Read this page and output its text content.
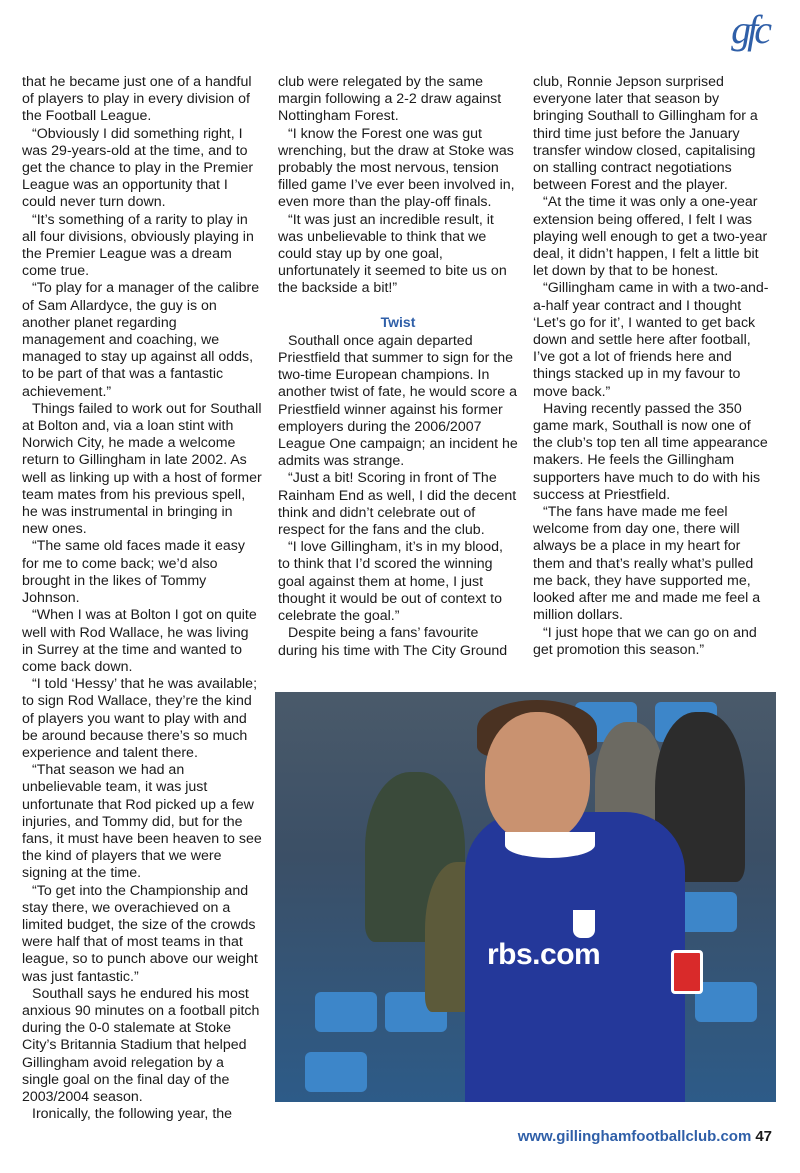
gfc

that he became just one of a handful of players to play in every division of the Football League.

“Obviously I did something right, I was 29-years-old at the time, and to get the chance to play in the Premier League was an opportunity that I could never turn down.

“It’s something of a rarity to play in all four divisions, obviously playing in the Premier League was a dream come true.

“To play for a manager of the calibre of Sam Allardyce, the guy is on another planet regarding management and coaching, we managed to stay up against all odds, to be part of that was a fantastic achievement.”

Things failed to work out for Southall at Bolton and, via a loan stint with Norwich City, he made a welcome return to Gillingham in late 2002. As well as linking up with a host of former team mates from his previous spell, he was instrumental in bringing in new ones.

“The same old faces made it easy for me to come back; we’d also brought in the likes of Tommy Johnson.

“When I was at Bolton I got on quite well with Rod Wallace, he was living in Surrey at the time and wanted to come back down.

“I told ‘Hessy’ that he was available; to sign Rod Wallace, they’re the kind of players you want to play with and be around because there’s so much experience and talent there.

“That season we had an unbelievable team, it was just unfortunate that Rod picked up a few injuries, and Tommy did, but for the fans, it must have been heaven to see the kind of players that we were signing at the time.

“To get into the Championship and stay there, we overachieved on a limited budget, the size of the crowds were half that of most teams in that league, so to punch above our weight was just fantastic.”

Southall says he endured his most anxious 90 minutes on a football pitch during the 0-0 stalemate at Stoke City’s Britannia Stadium that helped Gillingham avoid relegation by a single goal on the final day of the 2003/2004 season.

Ironically, the following year, the

club were relegated by the same margin following a 2-2 draw against Nottingham Forest.

“I know the Forest one was gut wrenching, but the draw at Stoke was probably the most nervous, tension filled game I’ve ever been involved in, even more than the play-off finals.

“It was just an incredible result, it was unbelievable to think that we could stay up by one goal, unfortunately it seemed to bite us on the backside a bit!”

Twist

Southall once again departed Priestfield that summer to sign for the two-time European champions. In another twist of fate, he would score a Priestfield winner against his former employers during the 2006/2007 League One campaign; an incident he admits was strange.

“Just a bit! Scoring in front of The Rainham End as well, I did the decent think and didn’t celebrate out of respect for the fans and the club.

“I love Gillingham, it’s in my blood, to think that I’d scored the winning goal against them at home, I just thought it would be out of context to celebrate the goal.”

Despite being a fans’ favourite during his time with The City Ground

club, Ronnie Jepson surprised everyone later that season by bringing Southall to Gillingham for a third time just before the January transfer window closed, capitalising on stalling contract negotiations between Forest and the player.

“At the time it was only a one-year extension being offered, I felt I was playing well enough to get a two-year deal, it didn’t happen, I felt a little bit let down by that to be honest.

“Gillingham came in with a two-and-a-half year contract and I thought ‘Let’s go for it’, I wanted to get back down and settle here after football, I’ve got a lot of friends here and things stacked up in my favour to move back.”

Having recently passed the 350 game mark, Southall is now one of the club’s top ten all time appearance makers. He feels the Gillingham supporters have much to do with his success at Priestfield.

“The fans have made me feel welcome from day one, there will always be a place in my heart for them and that’s really what’s pulled me back, they have supported me, looked after me and made me feel a million dollars.

“I just hope that we can go on and get promotion this season.”

rbs.com
www.gillinghamfootballclub.com 47
